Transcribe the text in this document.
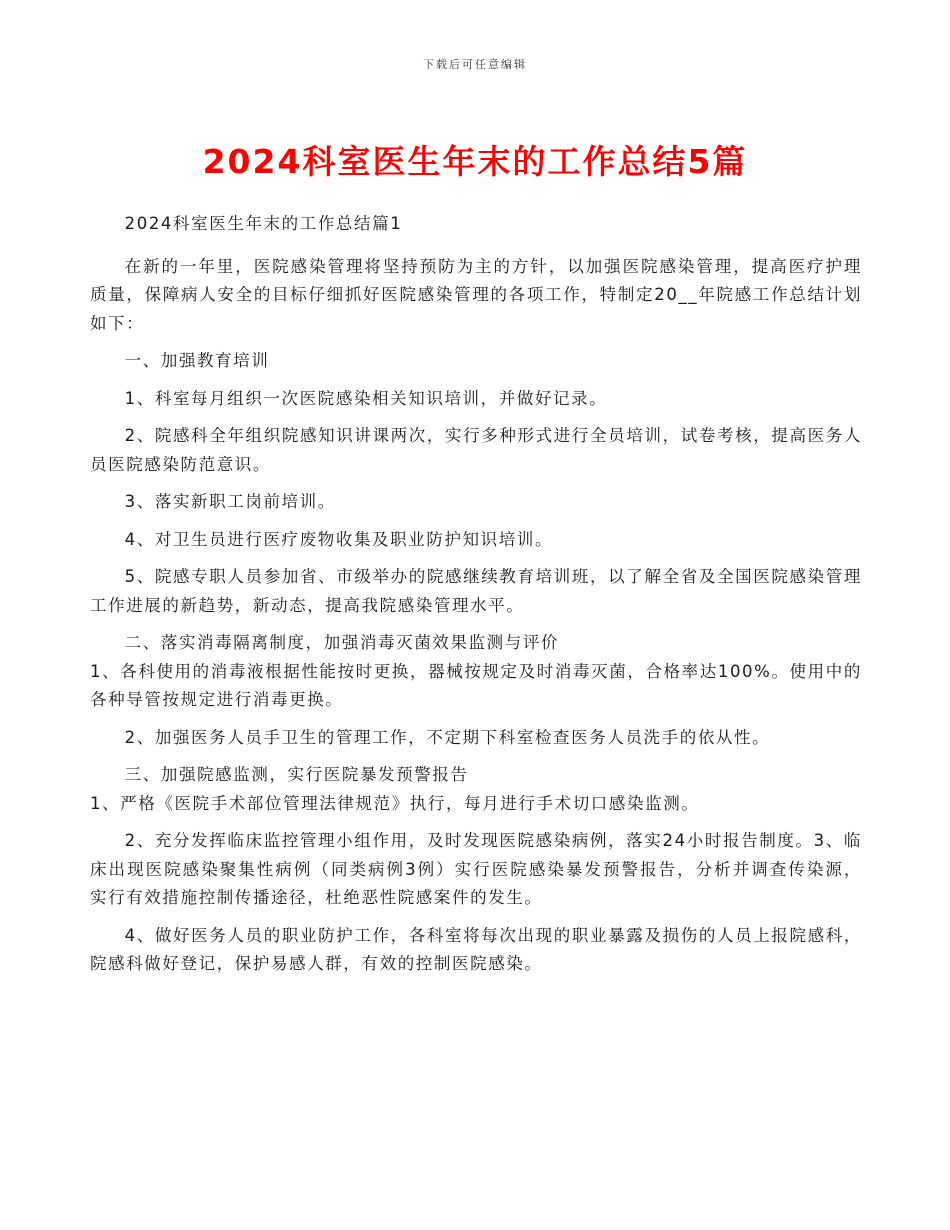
下载后可任意编辑
2024科室医生年末的工作总结5篇

2024科室医生年末的工作总结篇1

在新的一年里，医院感染管理将坚持预防为主的方针，以加强医院感染管理，提高医疗护理质量，保障病人安全的目标仔细抓好医院感染管理的各项工作，特制定20__年院感工作总结计划如下：

一、加强教育培训

1、科室每月组织一次医院感染相关知识培训，并做好记录。

2、院感科全年组织院感知识讲课两次，实行多种形式进行全员培训，试卷考核，提高医务人员医院感染防范意识。

3、落实新职工岗前培训。

4、对卫生员进行医疗废物收集及职业防护知识培训。

5、院感专职人员参加省、市级举办的院感继续教育培训班，以了解全省及全国医院感染管理工作进展的新趋势，新动态，提高我院感染管理水平。

二、落实消毒隔离制度，加强消毒灭菌效果监测与评价

1、各科使用的消毒液根据性能按时更换，器械按规定及时消毒灭菌，合格率达100%。使用中的各种导管按规定进行消毒更换。

2、加强医务人员手卫生的管理工作，不定期下科室检查医务人员洗手的依从性。

三、加强院感监测，实行医院暴发预警报告

1、严格《医院手术部位管理法律规范》执行，每月进行手术切口感染监测。

2、充分发挥临床监控管理小组作用，及时发现医院感染病例，落实24小时报告制度。3、临床出现医院感染聚集性病例（同类病例3例）实行医院感染暴发预警报告，分析并调查传染源，实行有效措施控制传播途径，杜绝恶性院感案件的发生。

4、做好医务人员的职业防护工作，各科室将每次出现的职业暴露及损伤的人员上报院感科，院感科做好登记，保护易感人群，有效的控制医院感染。
